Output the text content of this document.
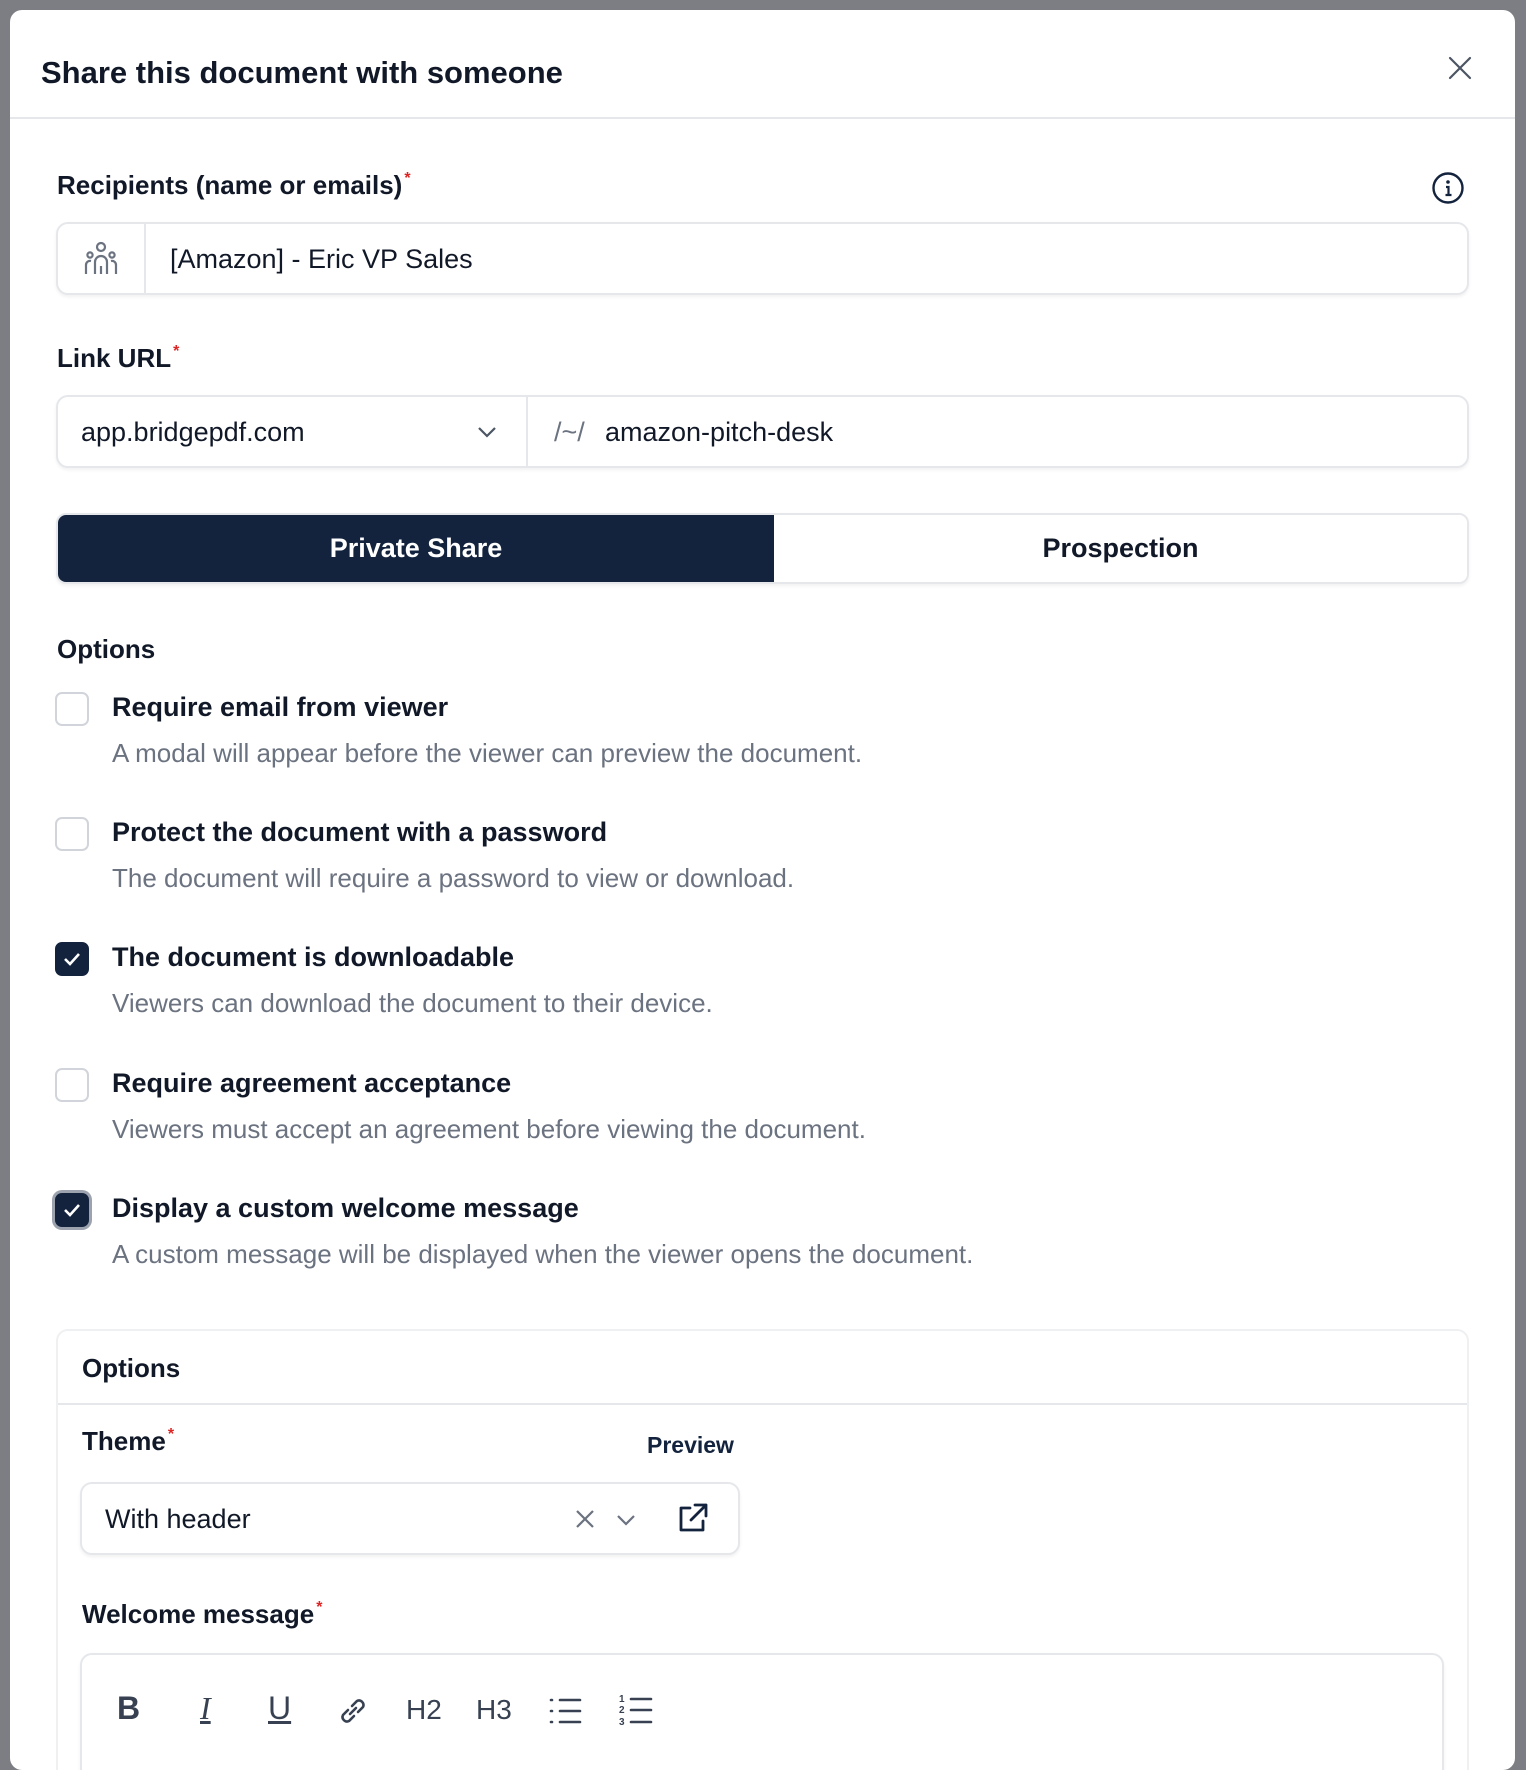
Share this document with someone
Recipients (name or emails) *
[Amazon] - Eric VP Sales
Link URL *
app.bridgepdf.com	/~/ amazon-pitch-desk
Private Share	Prospection
Options
Require email from viewer
A modal will appear before the viewer can preview the document.
Protect the document with a password
The document will require a password to view or download.
The document is downloadable
Viewers can download the document to their device.
Require agreement acceptance
Viewers must accept an agreement before viewing the document.
Display a custom welcome message
A custom message will be displayed when the viewer opens the document.
Options
Theme *	Preview
With header
Welcome message *
B I U	H2 H3	1
2
3
